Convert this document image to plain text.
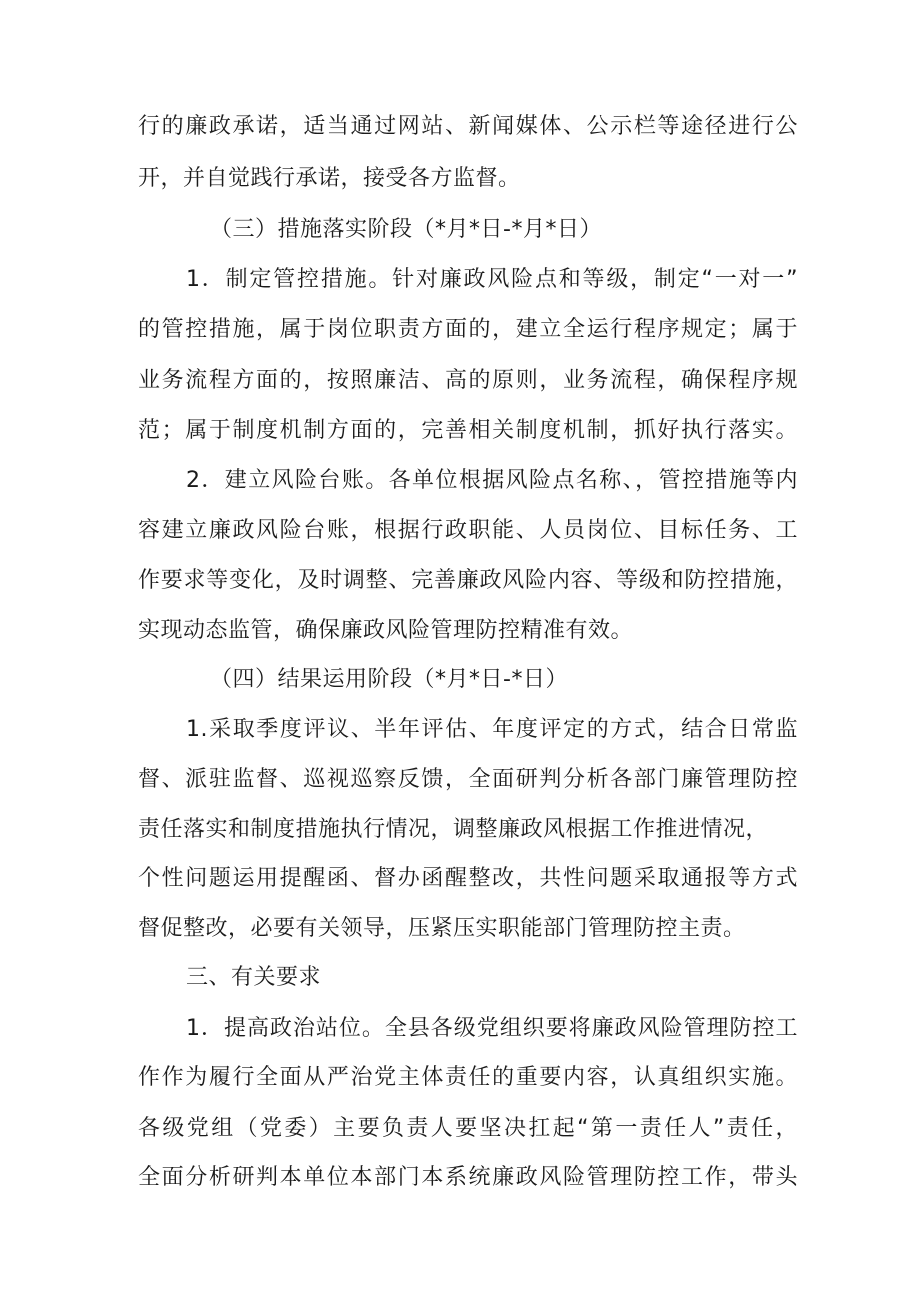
行的廉政承诺，适当通过网站、新闻媒体、公示栏等途径进行公
开，并自觉践行承诺，接受各方监督。
（三）措施落实阶段（*月*日-*月*日）
1．制定管控措施。针对廉政风险点和等级，制定“一对一”
的管控措施，属于岗位职责方面的，建立全运行程序规定；属于
业务流程方面的，按照廉洁、高的原则，业务流程，确保程序规
范；属于制度机制方面的，完善相关制度机制，抓好执行落实。
2．建立风险台账。各单位根据风险点名称、，管控措施等内
容建立廉政风险台账，根据行政职能、人员岗位、目标任务、工
作要求等变化，及时调整、完善廉政风险内容、等级和防控措施，
实现动态监管，确保廉政风险管理防控精准有效。
（四）结果运用阶段（*月*日-*日）
1.采取季度评议、半年评估、年度评定的方式，结合日常监
督、派驻监督、巡视巡察反馈，全面研判分析各部门廉管理防控
责任落实和制度措施执行情况，调整廉政风根据工作推进情况，
个性问题运用提醒函、督办函醒整改，共性问题采取通报等方式
督促整改，必要有关领导，压紧压实职能部门管理防控主责。
三、有关要求
1．提高政治站位。全县各级党组织要将廉政风险管理防控工
作作为履行全面从严治党主体责任的重要内容，认真组织实施。
各级党组（党委）主要负责人要坚决扛起“第一责任人”责任，
全面分析研判本单位本部门本系统廉政风险管理防控工作，带头
